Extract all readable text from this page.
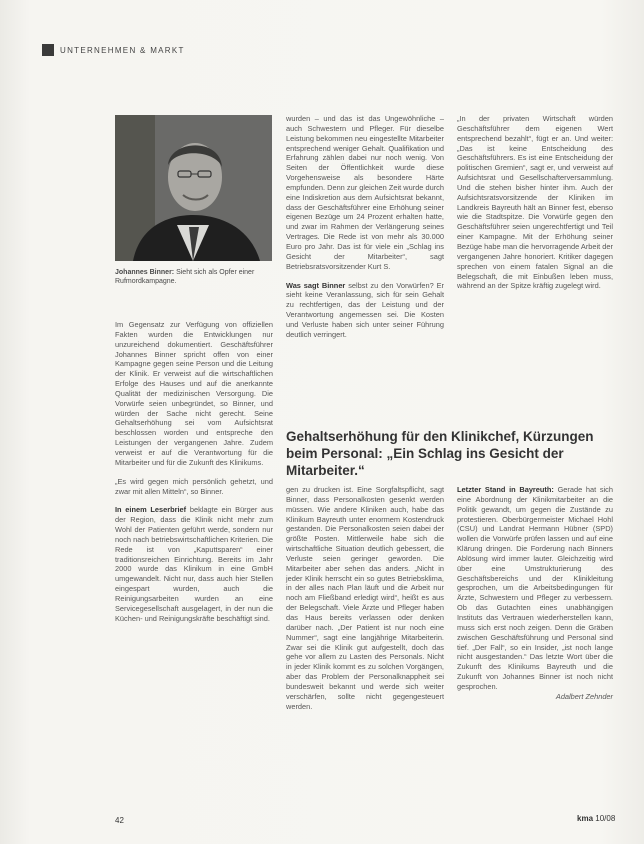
UNTERNEHMEN & MARKT
Johannes Binner: Sieht sich als Opfer einer Rufmordkampagne.

Im Gegensatz zur Verfügung von offiziellen Fakten wurden die Entwicklungen nur unzureichend dokumentiert. Geschäftsführer Johannes Binner spricht offen von einer Kampagne gegen seine Person und die Leitung der Klinik. Er verweist auf die wirtschaftlichen Erfolge des Hauses und auf die anerkannte Qualität der medizinischen Versorgung. Die Vorwürfe seien unbegründet, so Binner, und würden der Sache nicht gerecht. Seine Gehaltserhöhung sei vom Aufsichtsrat beschlossen worden und entspreche den Leistungen der vergangenen Jahre. Zudem verweist er auf die Verantwortung für die Mitarbeiter und für die Zukunft des Klinikums.

„Es wird gegen mich persönlich gehetzt, und zwar mit allen Mitteln“, so Binner.

In einem Leserbrief beklagte ein Bürger aus der Region, dass die Klinik nicht mehr zum Wohl der Patienten geführt werde, sondern nur noch nach betriebswirtschaftlichen Kriterien. Die Rede ist von „Kaputtsparen“ einer traditionsreichen Einrichtung. Bereits im Jahr 2000 wurde das Klinikum in eine GmbH umgewandelt. Nicht nur, dass auch hier Stellen eingespart wurden, auch die Reinigungsarbeiten wurden an eine Servicegesellschaft ausgelagert, in der nun die Küchen- und Reinigungskräfte beschäftigt sind.

wurden – und das ist das Ungewöhnliche – auch Schwestern und Pfleger. Für dieselbe Leistung bekommen neu eingestellte Mitarbeiter entsprechend weniger Gehalt. Qualifikation und Erfahrung zählen dabei nur noch wenig. Von Seiten der Öffentlichkeit wurde diese Vorgehensweise als besondere Härte empfunden. Denn zur gleichen Zeit wurde durch eine Indiskretion aus dem Aufsichtsrat bekannt, dass der Geschäftsführer eine Erhöhung seiner eigenen Bezüge um 24 Prozent erhalten hatte, und zwar im Rahmen der Verlängerung seines Vertrages. Die Rede ist von mehr als 30.000 Euro pro Jahr. Das ist für viele ein „Schlag ins Gesicht der Mitarbeiter“, sagt Betriebsratsvorsitzender Kurt S.

Was sagt Binner selbst zu den Vorwürfen? Er sieht keine Veranlassung, sich für sein Gehalt zu rechtfertigen, das der Leistung und der Verantwortung angemessen sei. Die Kosten und Verluste haben sich unter seiner Führung deutlich verringert.

„In der privaten Wirtschaft würden Geschäftsführer dem eigenen Wert entsprechend bezahlt“, fügt er an. Und weiter: „Das ist keine Entscheidung des Geschäftsführers. Es ist eine Entscheidung der politischen Gremien“, sagt er, und verweist auf Aufsichtsrat und Gesellschafterversammlung. Und die stehen bisher hinter ihm. Auch der Aufsichtsratsvorsitzende der Kliniken im Landkreis Bayreuth hält an Binner fest, ebenso wie die Stadtspitze. Die Vorwürfe gegen den Geschäftsführer seien ungerechtfertigt und Teil einer Kampagne. Mit der Erhöhung seiner Bezüge habe man die hervorragende Arbeit der vergangenen Jahre honoriert. Kritiker dagegen sprechen von einem fatalen Signal an die Belegschaft, die mit Einbußen leben muss, während an der Spitze kräftig zugelegt wird.

Gehaltserhöhung für den Klinikchef, Kürzungen beim Personal: „Ein Schlag ins Gesicht der Mitarbeiter.“

gen zu drucken ist. Eine Sorgfaltspflicht, sagt Binner, dass Personalkosten gesenkt werden müssen. Wie andere Kliniken auch, habe das Klinikum Bayreuth unter enormem Kostendruck gestanden. Die Personalkosten seien dabei der größte Posten. Mittlerweile habe sich die wirtschaftliche Situation deutlich gebessert, die Verluste seien geringer geworden. Die Mitarbeiter aber sehen das anders. „Nicht in jeder Klinik herrscht ein so gutes Betriebsklima, in der alles nach Plan läuft und die Arbeit nur noch am Fließband erledigt wird“, heißt es aus der Belegschaft. Viele Ärzte und Pfleger haben das Haus bereits verlassen oder denken darüber nach. „Der Patient ist nur noch eine Nummer“, sagt eine langjährige Mitarbeiterin. Zwar sei die Klinik gut aufgestellt, doch das gehe vor allem zu Lasten des Personals. Nicht in jeder Klinik kommt es zu solchen Vorgängen, aber das Problem der Personalknappheit sei bundesweit bekannt und werde sich weiter verschärfen, sollte nicht gegengesteuert werden.

Letzter Stand in Bayreuth: Gerade hat sich eine Abordnung der Klinikmitarbeiter an die Politik gewandt, um gegen die Zustände zu protestieren. Oberbürgermeister Michael Hohl (CSU) und Landrat Hermann Hübner (SPD) wollen die Vorwürfe prüfen lassen und auf eine Klärung dringen. Die Forderung nach Binners Ablösung wird immer lauter. Gleichzeitig wird über eine Umstrukturierung des Geschäftsbereichs und der Klinikleitung gesprochen, um die Arbeitsbedingungen für Ärzte, Schwestern und Pfleger zu verbessern. Ob das Gutachten eines unabhängigen Instituts das Vertrauen wiederherstellen kann, muss sich erst noch zeigen. Denn die Gräben zwischen Geschäftsführung und Personal sind tief. „Der Fall“, so ein Insider, „ist noch lange nicht ausgestanden.“ Das letzte Wort über die Zukunft des Klinikums Bayreuth und die Zukunft von Johannes Binner ist noch nicht gesprochen.

Adalbert Zehnder

42	kma 10/08
